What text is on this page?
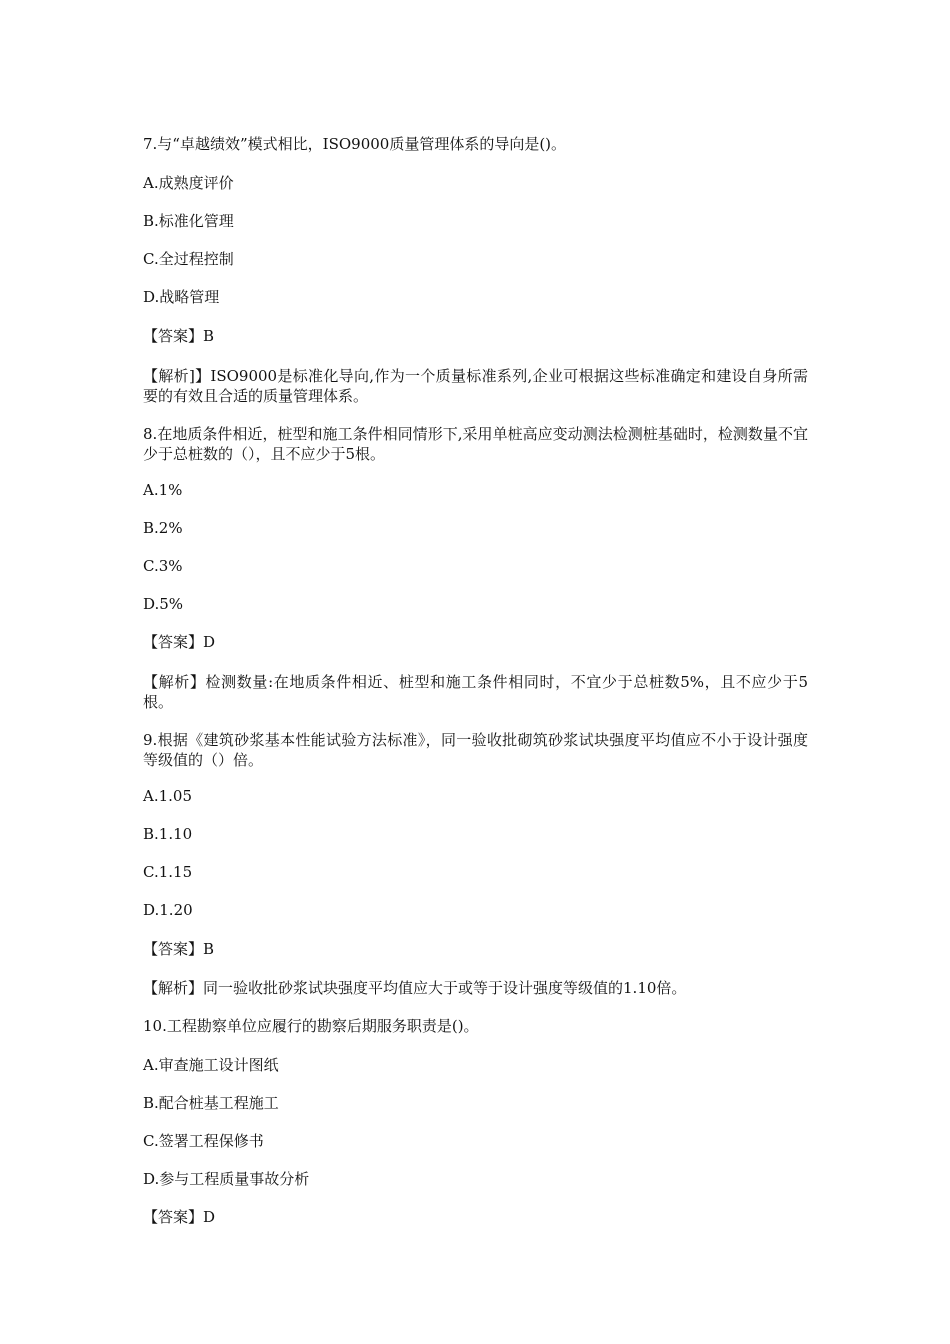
7.与“卓越绩效”模式相比，ISO9000质量管理体系的导向是()。

A.成熟度评价

B.标准化管理

C.全过程控制

D.战略管理

【答案】B

【解析]】ISO9000是标准化导向,作为一个质量标准系列,企业可根据这些标准确定和建设自身所需要的有效且合适的质量管理体系。

8.在地质条件相近，桩型和施工条件相同情形下,采用单桩高应变动测法检测桩基础时，检测数量不宜少于总桩数的（），且不应少于5根。

A.1%

B.2%

C.3%

D.5%

【答案】D

【解析】检测数量:在地质条件相近、桩型和施工条件相同时，不宜少于总桩数5%，且不应少于5根。

9.根据《建筑砂浆基本性能试验方法标准》，同一验收批砌筑砂浆试块强度平均值应不小于设计强度等级值的（）倍。

A.1.05

B.1.10

C.1.15

D.1.20

【答案】B

【解析】同一验收批砂浆试块强度平均值应大于或等于设计强度等级值的1.10倍。

10.工程勘察单位应履行的勘察后期服务职责是()。

A.审查施工设计图纸

B.配合桩基工程施工

C.签署工程保修书

D.参与工程质量事故分析

【答案】D
